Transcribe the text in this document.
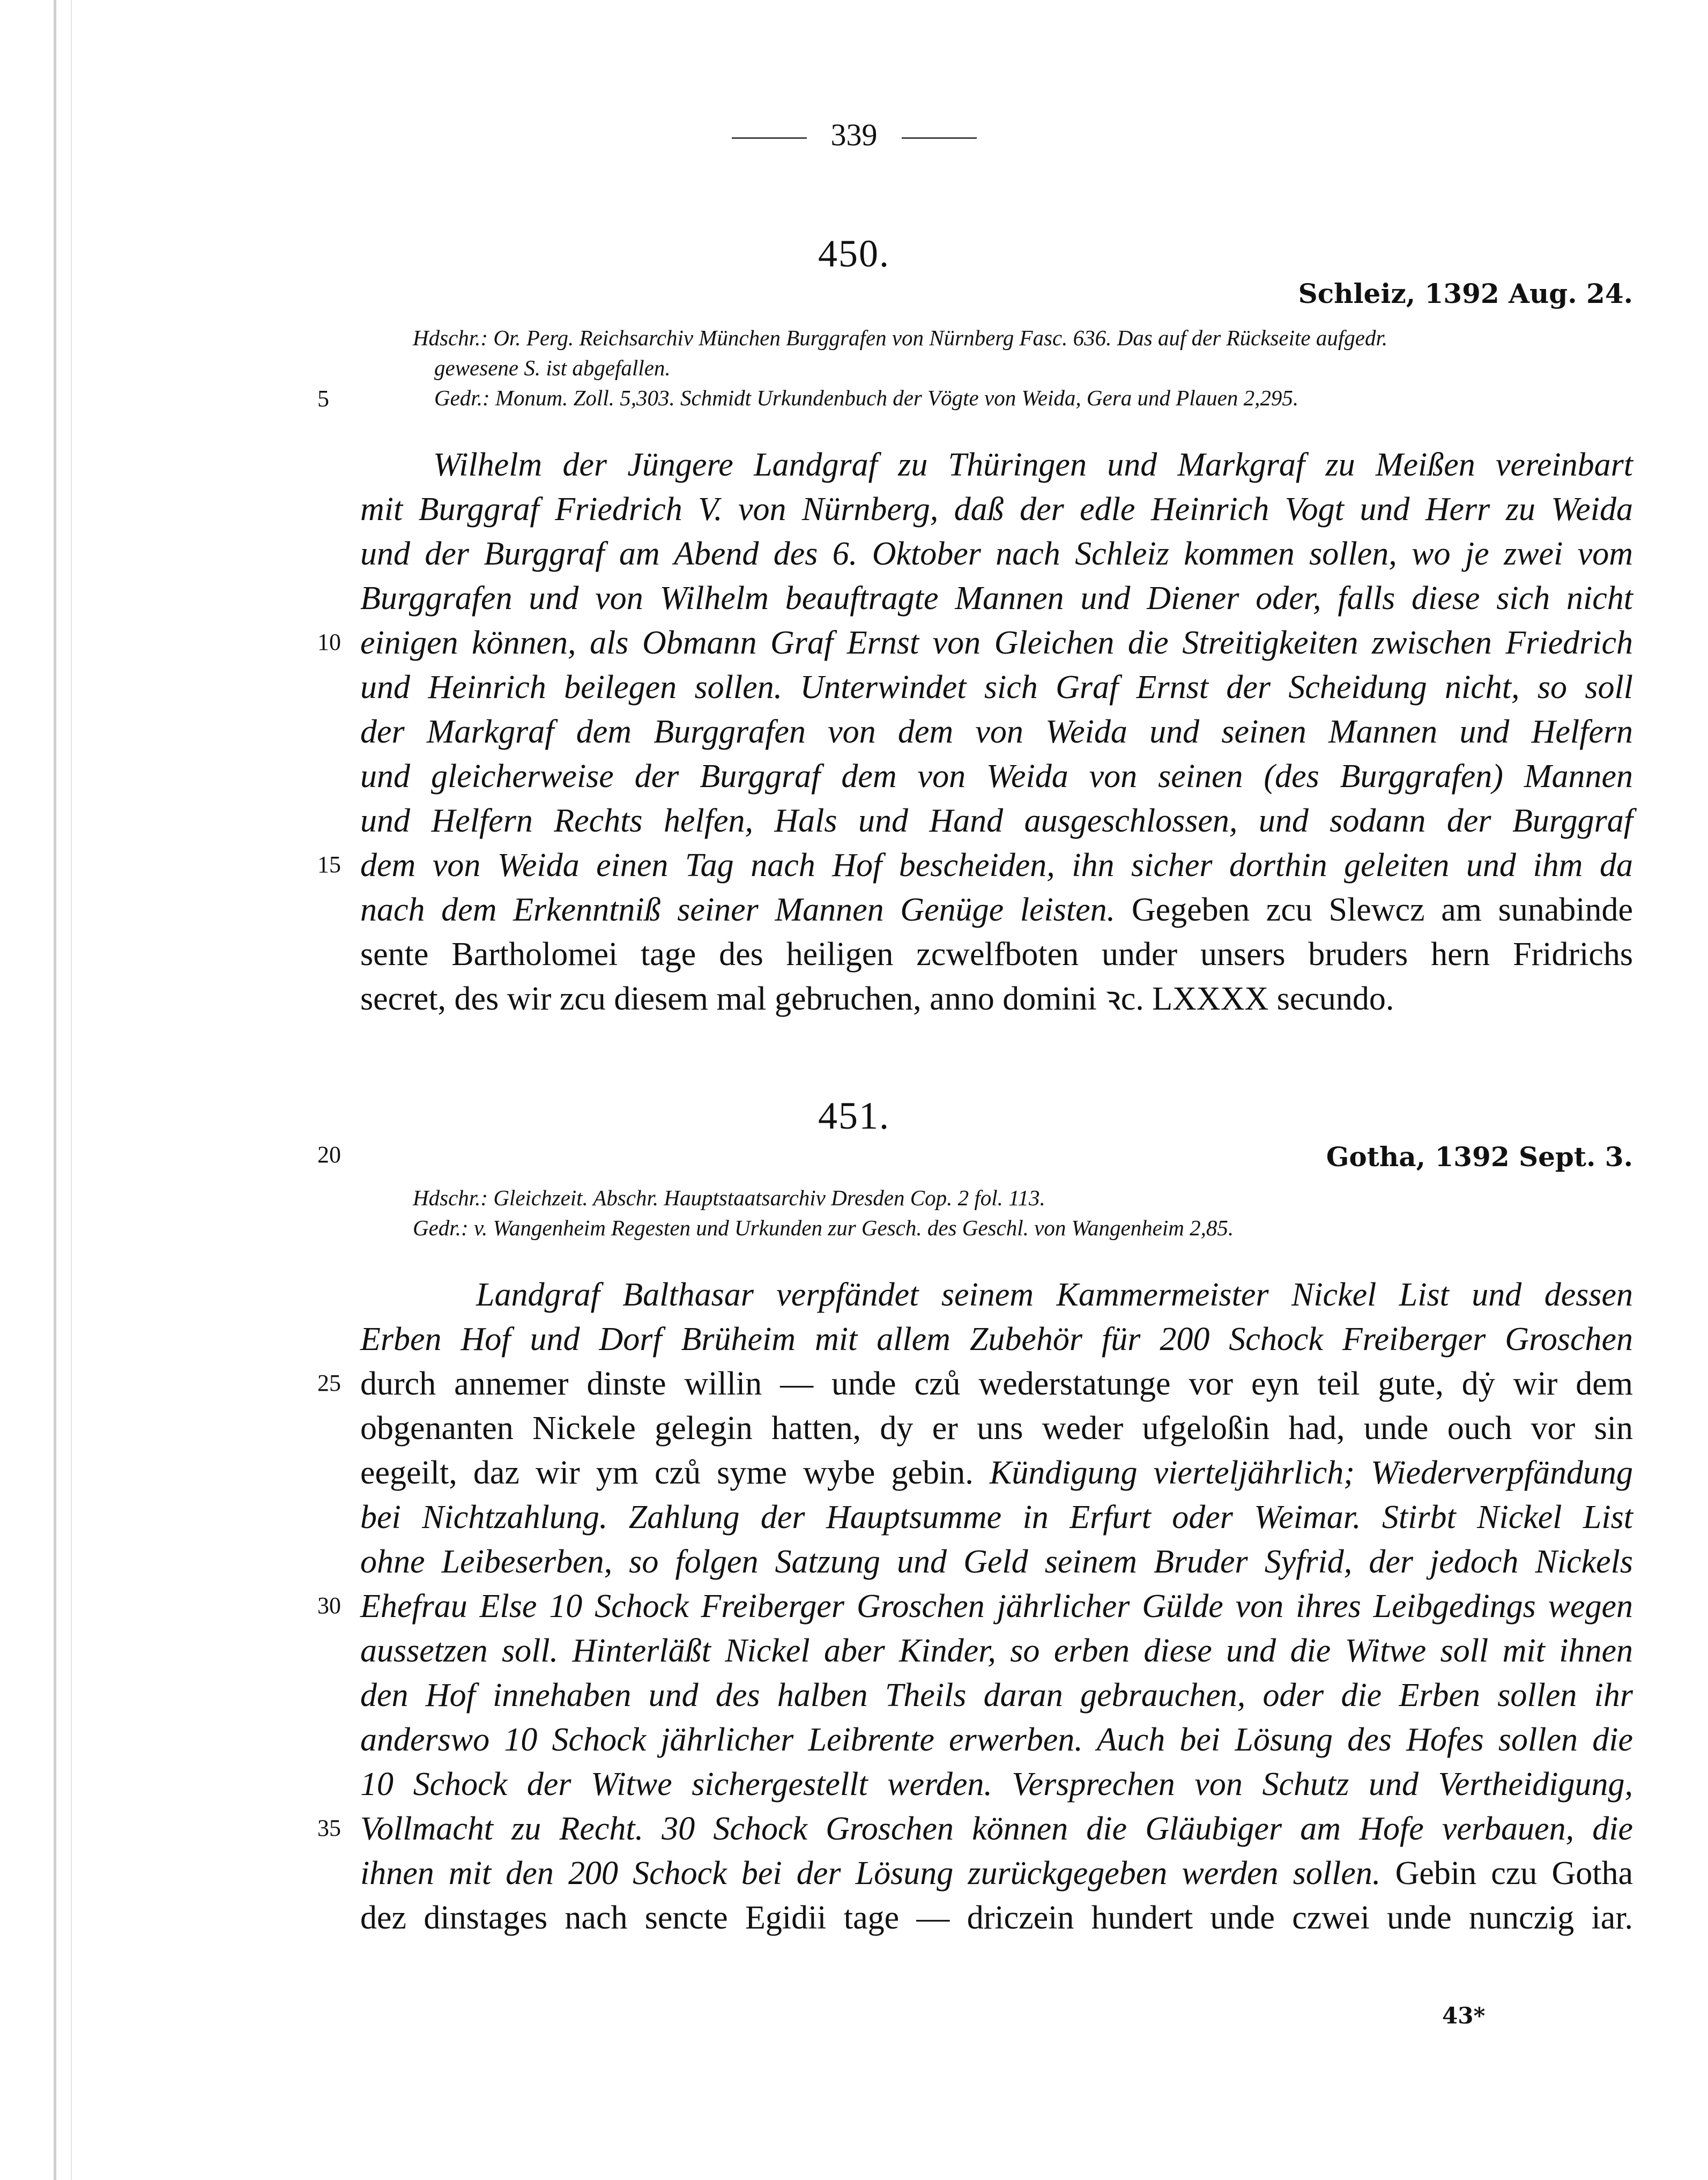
339
450.
Schleiz, 1392 Aug. 24.
Hdschr.: Or. Perg. Reichsarchiv München Burggrafen von Nürnberg Fasc. 636. Das auf der Rückseite aufgedr.
gewesene S. ist abgefallen.
Gedr.: Monum. Zoll. 5,303. Schmidt Urkundenbuch der Vögte von Weida, Gera und Plauen 2,295.
5
Wilhelm der Jüngere Landgraf zu Thüringen und Markgraf zu Meißen vereinbart
mit Burggraf Friedrich V. von Nürnberg, daß der edle Heinrich Vogt und Herr zu Weida
und der Burggraf am Abend des 6. Oktober nach Schleiz kommen sollen, wo je zwei vom
Burggrafen und von Wilhelm beauftragte Mannen und Diener oder, falls diese sich nicht
10 einigen können, als Obmann Graf Ernst von Gleichen die Streitigkeiten zwischen Friedrich
und Heinrich beilegen sollen. Unterwindet sich Graf Ernst der Scheidung nicht, so soll
der Markgraf dem Burggrafen von dem von Weida und seinen Mannen und Helfern
und gleicherweise der Burggraf dem von Weida von seinen (des Burggrafen) Mannen
und Helfern Rechts helfen, Hals und Hand ausgeschlossen, und sodann der Burggraf
15 dem von Weida einen Tag nach Hof bescheiden, ihn sicher dorthin geleiten und ihm da
nach dem Erkenntniß seiner Mannen Genüge leisten. Gegeben zcu Slewcz am sunabinde
sente Bartholomei tage des heiligen zcwelfboten under unsers bruders hern Fridrichs
secret, des wir zcu diesem mal gebruchen, anno domini ꝛc. LXXXX secundo.
451.
20	Gotha, 1392 Sept. 3.
Hdschr.: Gleichzeit. Abschr. Hauptstaatsarchiv Dresden Cop. 2 fol. 113.
Gedr.: v. Wangenheim Regesten und Urkunden zur Gesch. des Geschl. von Wangenheim 2,85.
Landgraf Balthasar verpfändet seinem Kammermeister Nickel List und dessen
Erben Hof und Dorf Brüheim mit allem Zubehör für 200 Schock Freiberger Groschen
25 durch annemer dinste willin — unde czů wederstatunge vor eyn teil gute, dẏ wir dem
obgenanten Nickele gelegin hatten, dy er uns weder ufgeloßin had, unde ouch vor sin
eegeilt, daz wir ym czů syme wybe gebin. Kündigung vierteljährlich; Wiederverpfändung
bei Nichtzahlung. Zahlung der Hauptsumme in Erfurt oder Weimar. Stirbt Nickel List
ohne Leibeserben, so folgen Satzung und Geld seinem Bruder Syfrid, der jedoch Nickels
30 Ehefrau Else 10 Schock Freiberger Groschen jährlicher Gülde von ihres Leibgedings wegen
aussetzen soll. Hinterläßt Nickel aber Kinder, so erben diese und die Witwe soll mit ihnen
den Hof innehaben und des halben Theils daran gebrauchen, oder die Erben sollen ihr
anderswo 10 Schock jährlicher Leibrente erwerben. Auch bei Lösung des Hofes sollen die
10 Schock der Witwe sichergestellt werden. Versprechen von Schutz und Vertheidigung,
35 Vollmacht zu Recht. 30 Schock Groschen können die Gläubiger am Hofe verbauen, die
ihnen mit den 200 Schock bei der Lösung zurückgegeben werden sollen. Gebin czu Gotha
dez dinstages nach sencte Egidii tage — driczein hundert unde czwei unde nunczig iar.
43*
